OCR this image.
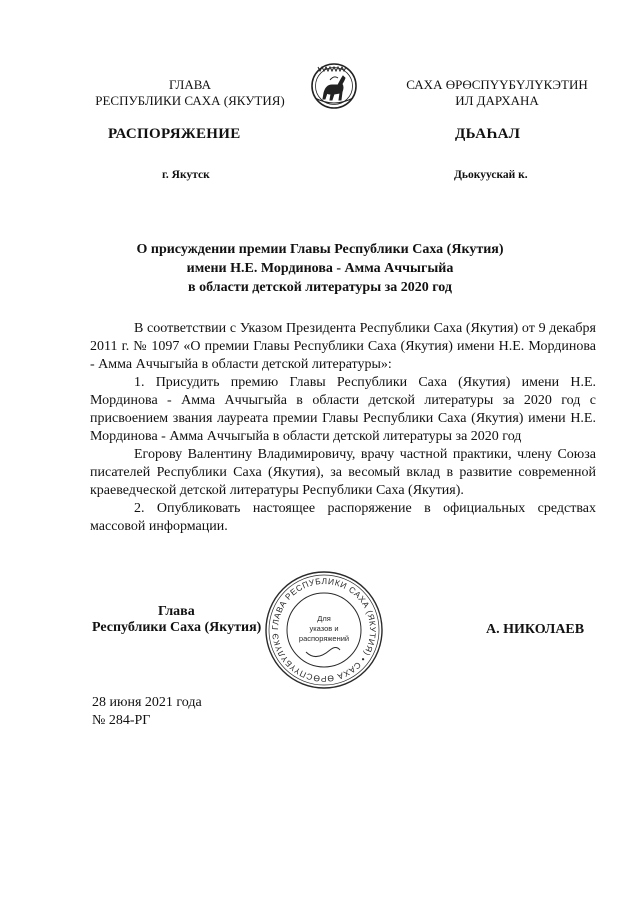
ГЛАВА
РЕСПУБЛИКИ САХА (ЯКУТИЯ)
САХА ӨРӨСПҮҮБҮЛҮКЭТИН
ИЛ ДАРХАНА
РАСПОРЯЖЕНИЕ	ДЬАҺАЛ
г. Якутск	Дьокуускай к.
О присуждении премии Главы Республики Саха (Якутия)
имени Н.Е. Мординова - Амма Аччыгыйа
в области детской литературы за 2020 год

В соответствии с Указом Президента Республики Саха (Якутия) от 9 декабря 2011 г. № 1097 «О премии Главы Республики Саха (Якутия) имени Н.Е. Мординова - Амма Аччыгыйа в области детской литературы»:

1. Присудить премию Главы Республики Саха (Якутия) имени Н.Е. Мординова - Амма Аччыгыйа в области детской литературы за 2020 год с присвоением звания лауреата премии Главы Республики Саха (Якутия) имени Н.Е. Мординова - Амма Аччыгыйа в области детской литературы за 2020 год

Егорову Валентину Владимировичу, врачу частной практики, члену Союза писателей Республики Саха (Якутия), за весомый вклад в развитие современной краеведческой детской литературы Республики Саха (Якутия).

2. Опубликовать настоящее распоряжение в официальных средствах массовой информации.

Глава
Республики Саха (Якутия)	ГЛАВА РЕСПУБЛИКИ САХА (ЯКУТИЯ) • САХА ӨРӨСПҮҮБҮЛҮКЭ
Для
указов и
распоряжений
А. НИКОЛАЕВ
28 июня 2021 года
№ 284-РГ
